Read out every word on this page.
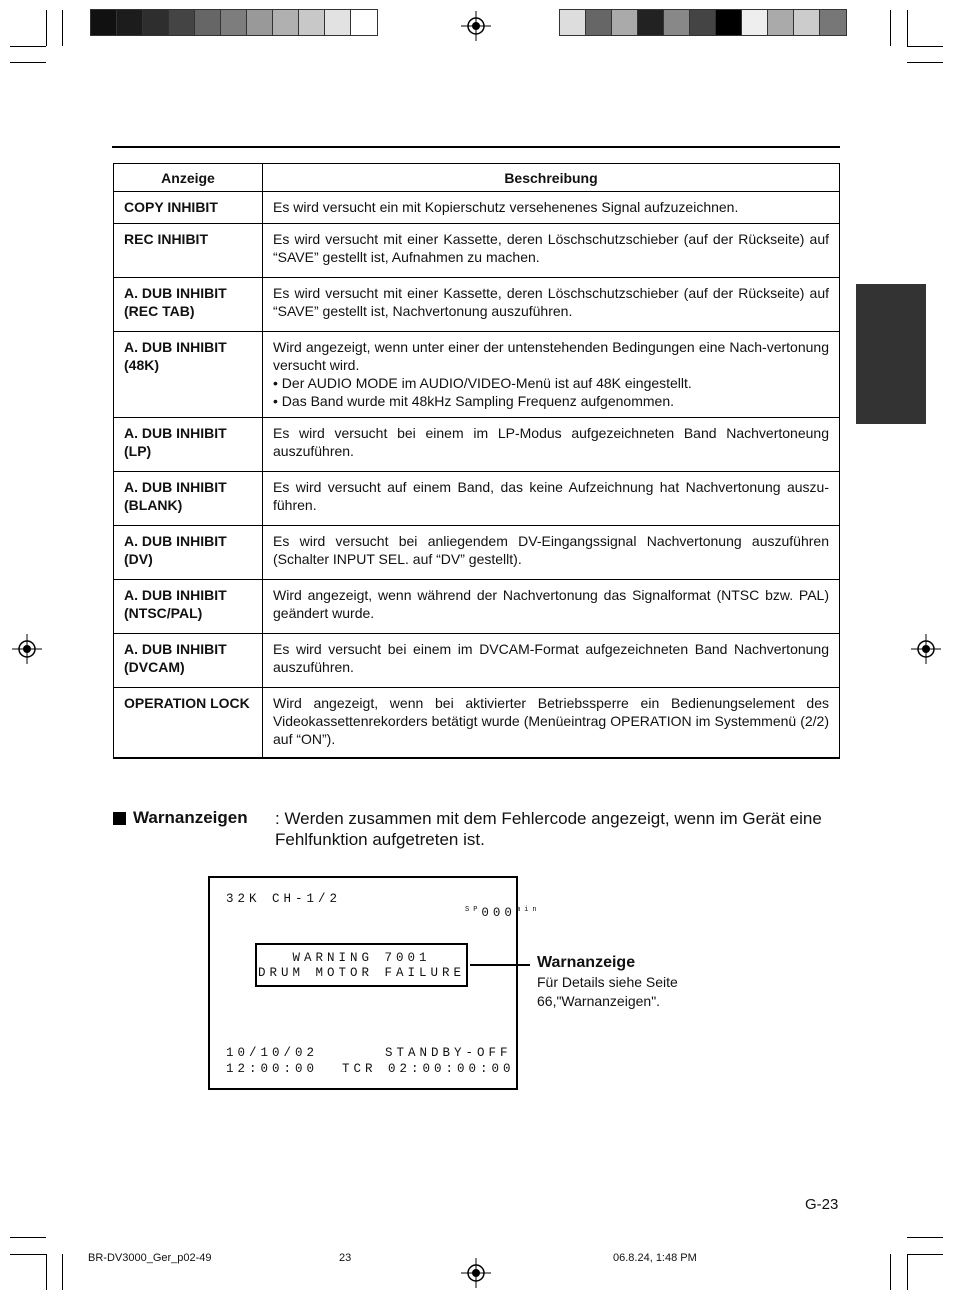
Anzeige	Beschreibung
COPY INHIBIT	Es wird versucht ein mit Kopierschutz versehenenes Signal aufzuzeichnen.
REC INHIBIT	Es wird versucht mit einer Kassette, deren Löschschutzschieber (auf der Rückseite) auf “SAVE” gestellt ist, Aufnahmen zu machen.
A. DUB INHIBIT (REC TAB)	Es wird versucht mit einer Kassette, deren Löschschutzschieber (auf der Rückseite) auf “SAVE” gestellt ist, Nachvertonung auszuführen.
A. DUB INHIBIT (48K)	Wird angezeigt, wenn unter einer der untenstehenden Bedingungen eine Nach-vertonung versucht wird.
• Der AUDIO MODE im AUDIO/VIDEO-Menü ist auf 48K eingestellt.
• Das Band wurde mit 48kHz Sampling Frequenz aufgenommen.

A. DUB INHIBIT (LP)	Es wird versucht bei einem im LP-Modus aufgezeichneten Band Nachvertoneung auszuführen.
A. DUB INHIBIT (BLANK)	Es wird versucht auf einem Band, das keine Aufzeichnung hat Nachvertonung auszu-führen.
A. DUB INHIBIT (DV)	Es wird versucht bei anliegendem DV-Eingangssignal Nachvertonung auszuführen (Schalter INPUT SEL. auf “DV” gestellt).
A. DUB INHIBIT (NTSC/PAL)	Wird angezeigt, wenn während der Nachvertonung das Signalformat (NTSC bzw. PAL) geändert wurde.
A. DUB INHIBIT (DVCAM)	Es wird versucht bei einem im DVCAM-Format aufgezeichneten Band Nachvertonung auszuführen.
OPERATION LOCK	Wird angezeigt, wenn bei aktivierter Betriebssperre ein Bedienungselement des Videokassettenrekorders betätigt wurde (Menüeintrag OPERATION im Systemmenü (2/2) auf “ON”).
Warnanzeigen : Werden zusammen mit dem Fehlercode angezeigt, wenn im Gerät eine Fehlfunktion aufgetreten ist.
32K CH-1/2

$^{SP}000^{min}$

WARNING 7001
DRUM MOTOR FAILURE
10/10/02	STANDBY-OFF
12:00:00 TCR 02:00:00:00
Warnanzeige
Für Details siehe Seite 66,"Warnanzeigen".
G-23
BR-DV3000_Ger_p02-49	23	06.8.24, 1:48 PM
